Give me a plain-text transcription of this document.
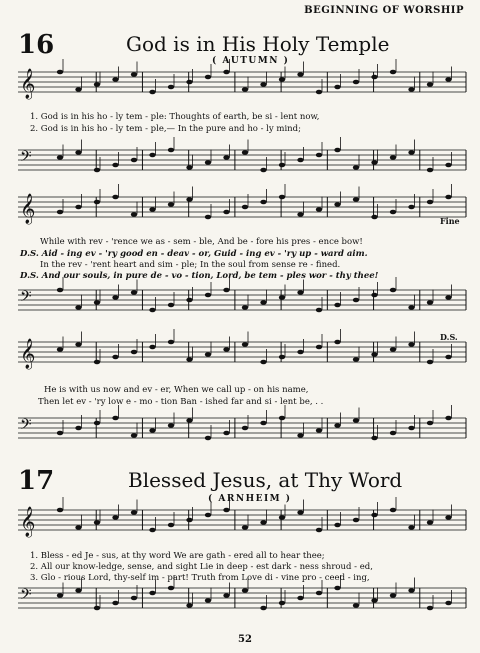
BEGINNING OF WORSHIP
16	God is in His Holy Temple
( AUTUMN )
1. God is in his ho - ly tem - ple: Thoughts of earth, be si - lent now,
2. God is in his ho - ly tem - ple,— In the pure and ho - ly mind;
Fine
While with rev - 'rence we as - sem - ble, And be - fore his pres - ence bow!
D.S. Aid - ing ev - 'ry good en - deav - or, Guid - ing ev - 'ry up - ward aim.
In the rev - 'rent heart and sim - ple; In the soul from sense re - fined.
D.S. And our souls, in pure de - vo - tion, Lord, be tem - ples wor - thy thee!
D.S.
He is with us now and ev - er, When we call up - on his name,
Then let ev - 'ry low e - mo - tion Ban - ished far and si - lent be, . .
17	Blessed Jesus, at Thy Word
( ARNHEIM )
1. Bless - ed Je - sus, at thy word We are gath - ered all to hear thee;
2. All our know-ledge, sense, and sight Lie in deep - est dark - ness shroud - ed,
3. Glo - rious Lord, thy-self im - part! Truth from Love di - vine pro - ceed - ing,
52
𝄞
𝄢
𝄞
𝄢
𝄞
𝄢
𝄞
𝄢
